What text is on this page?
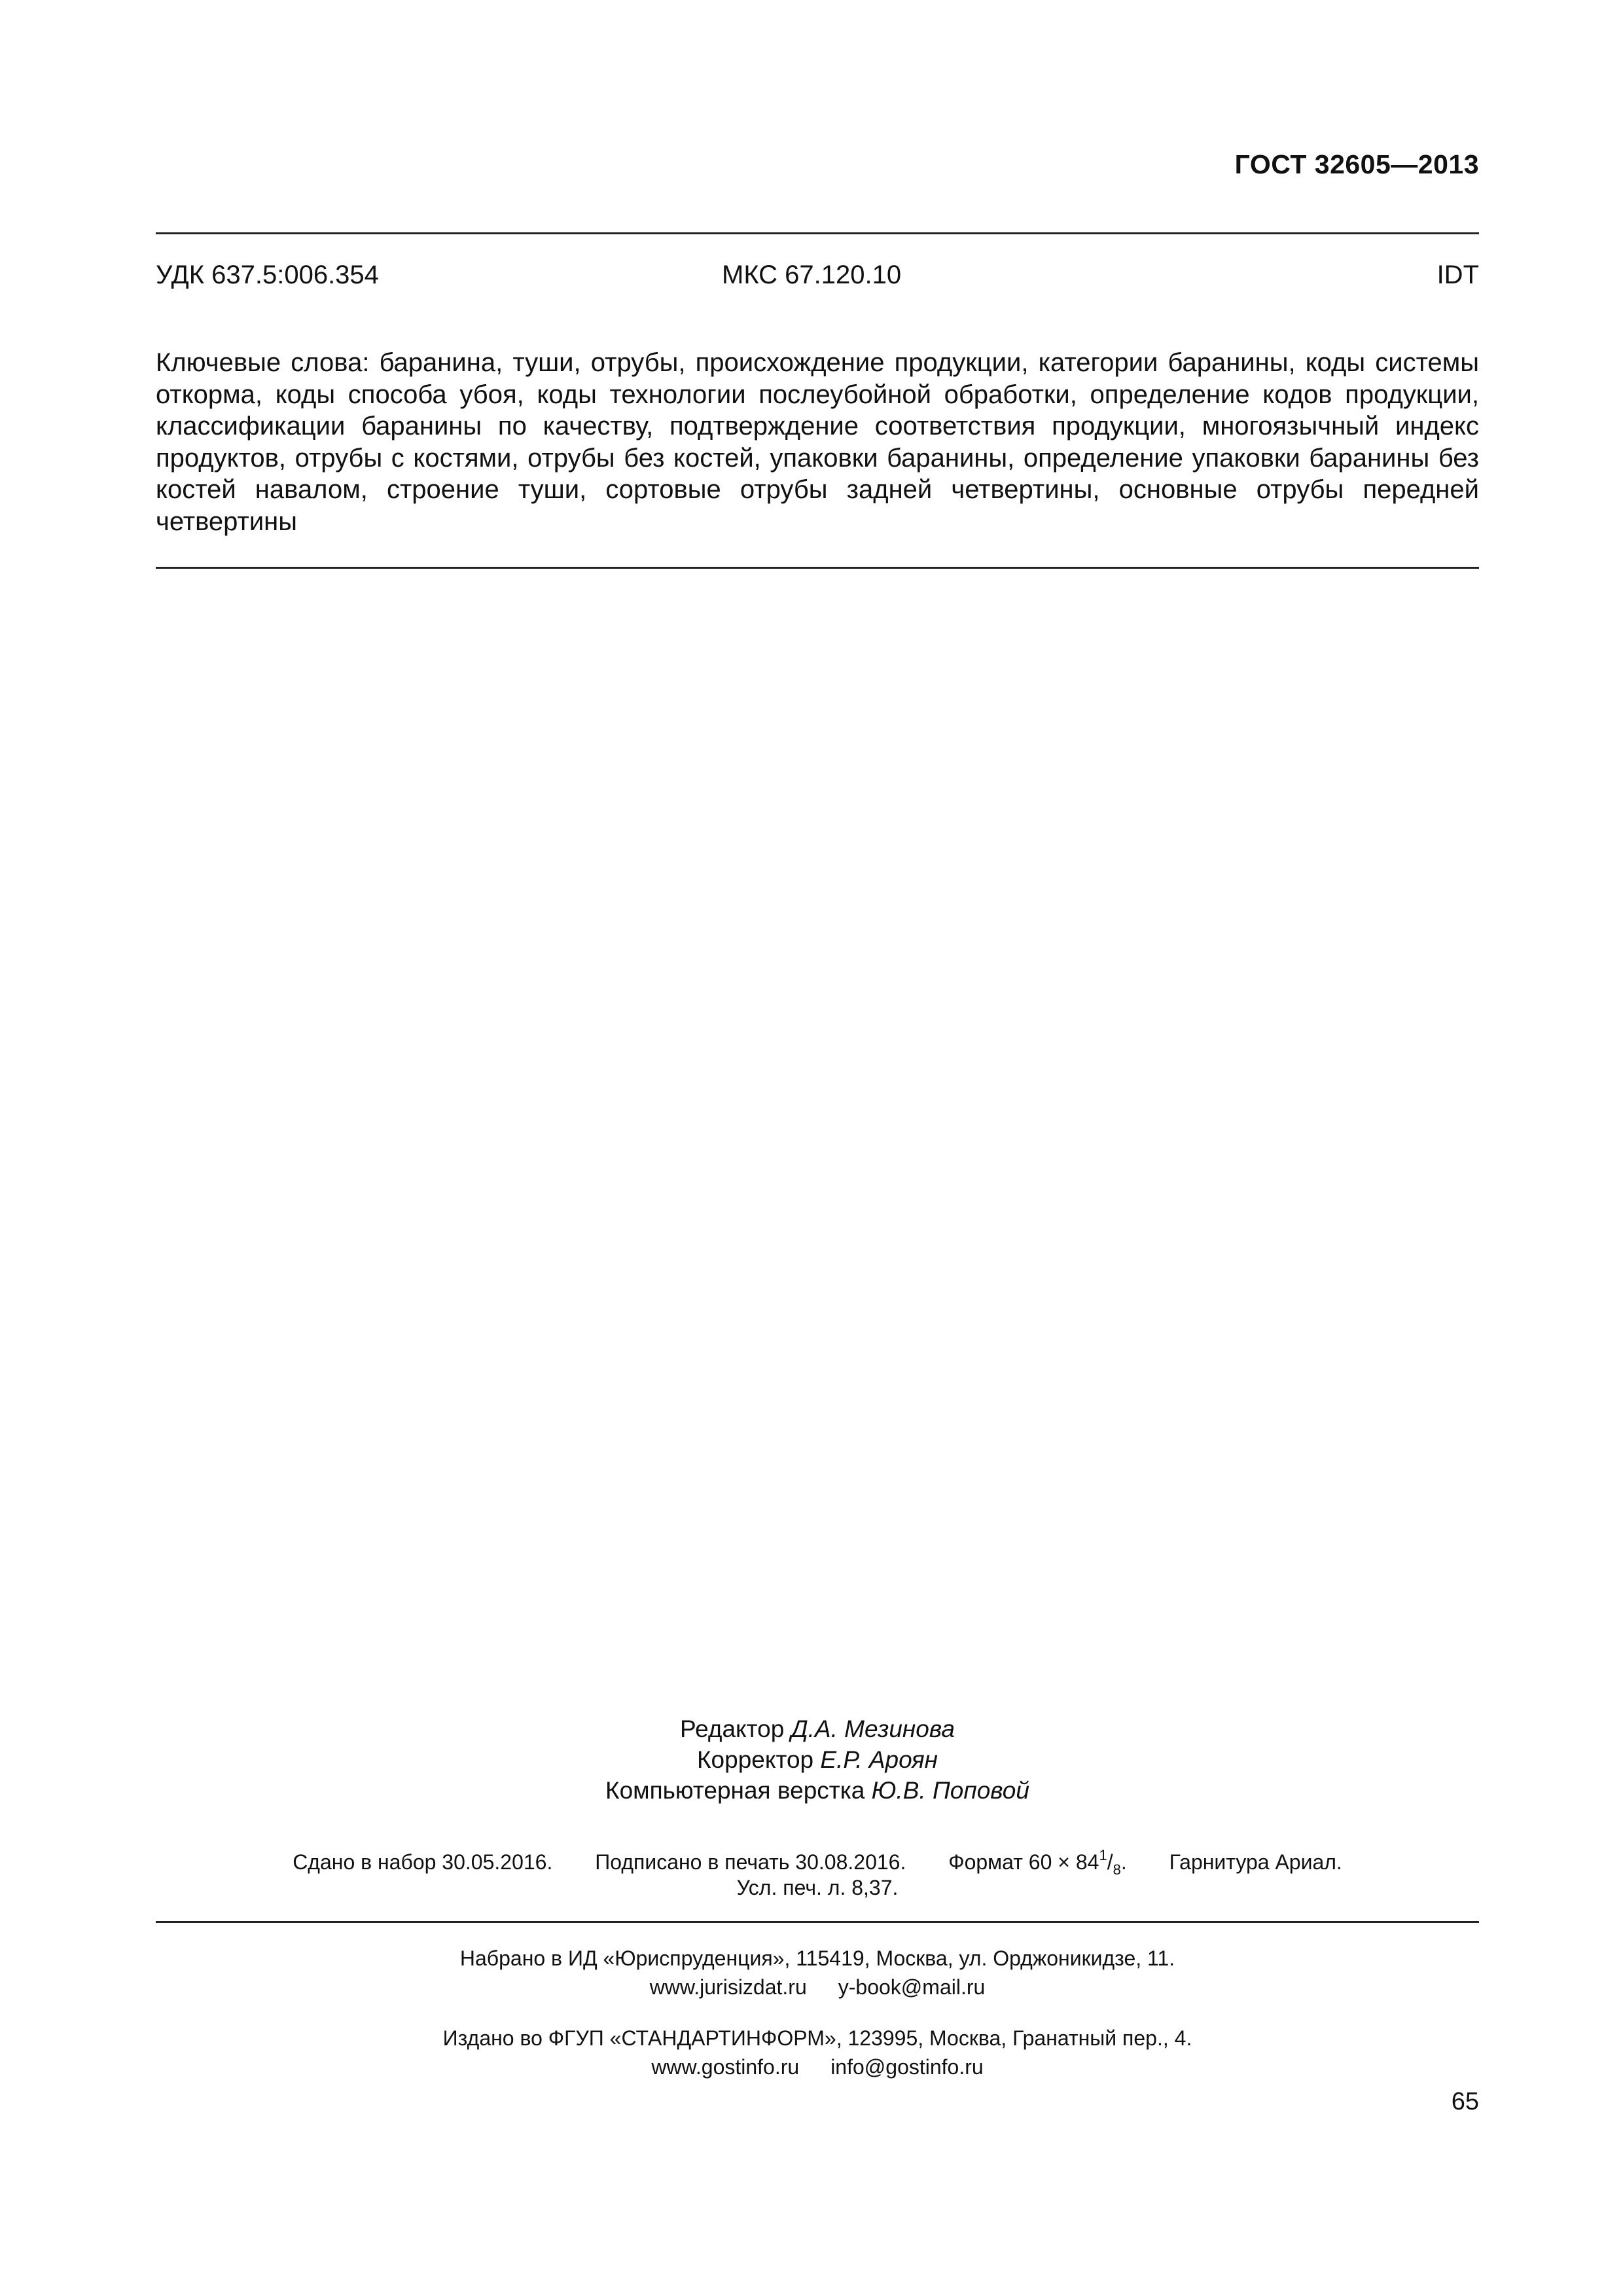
ГОСТ 32605—2013
УДК 637.5:006.354	МКС 67.120.10	IDT
Ключевые слова: баранина, туши, отрубы, происхождение продукции, категории баранины, коды системы откорма, коды способа убоя, коды технологии послеубойной обработки, определение кодов продукции, классификации баранины по качеству, подтверждение соответствия продукции, многоязычный индекс продуктов, отрубы с костями, отрубы без костей, упаковки баранины, определение упаковки баранины без костей навалом, строение туши, сортовые отрубы задней четвертины, основные отрубы передней четвертины
Редактор Д.А. Мезинова
Корректор Е.Р. Ароян
Компьютерная верстка Ю.В. Поповой
Сдано в набор 30.05.2016. Подписано в печать 30.08.2016. Формат $60 \times 84^1/_8$. Гарнитура Ариал.
Усл. печ. л. 8,37.
Набрано в ИД «Юриспруденция», 115419, Москва, ул. Орджоникидзе, 11.
www.jurisizdat.ru y-book@mail.ru
Издано во ФГУП «СТАНДАРТИНФОРМ», 123995, Москва, Гранатный пер., 4.
www.gostinfo.ru info@gostinfo.ru
65
